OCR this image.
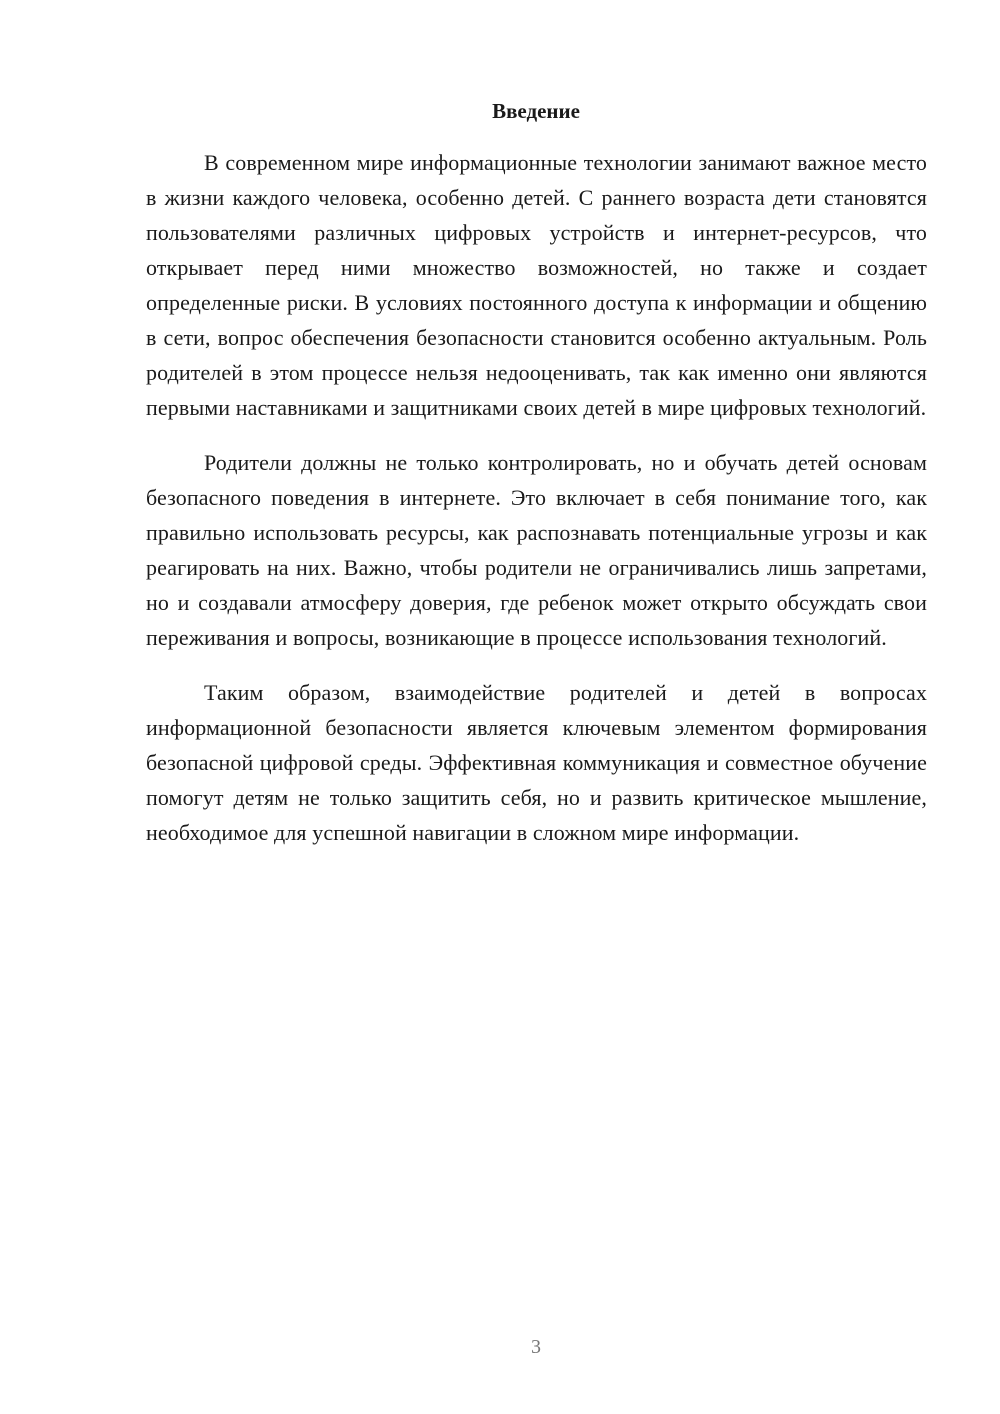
Введение

В современном мире информационные технологии занимают важное место в жизни каждого человека, особенно детей. С раннего возраста дети становятся пользователями различных цифровых устройств и интернет-ресурсов, что открывает перед ними множество возможностей, но также и создает определенные риски. В условиях постоянного доступа к информации и общению в сети, вопрос обеспечения безопасности становится особенно актуальным. Роль родителей в этом процессе нельзя недооценивать, так как именно они являются первыми наставниками и защитниками своих детей в мире цифровых технологий.

Родители должны не только контролировать, но и обучать детей основам безопасного поведения в интернете. Это включает в себя понимание того, как правильно использовать ресурсы, как распознавать потенциальные угрозы и как реагировать на них. Важно, чтобы родители не ограничивались лишь запретами, но и создавали атмосферу доверия, где ребенок может открыто обсуждать свои переживания и вопросы, возникающие в процессе использования технологий.

Таким образом, взаимодействие родителей и детей в вопросах информационной безопасности является ключевым элементом формирования безопасной цифровой среды. Эффективная коммуникация и совместное обучение помогут детям не только защитить себя, но и развить критическое мышление, необходимое для успешной навигации в сложном мире информации.

3
